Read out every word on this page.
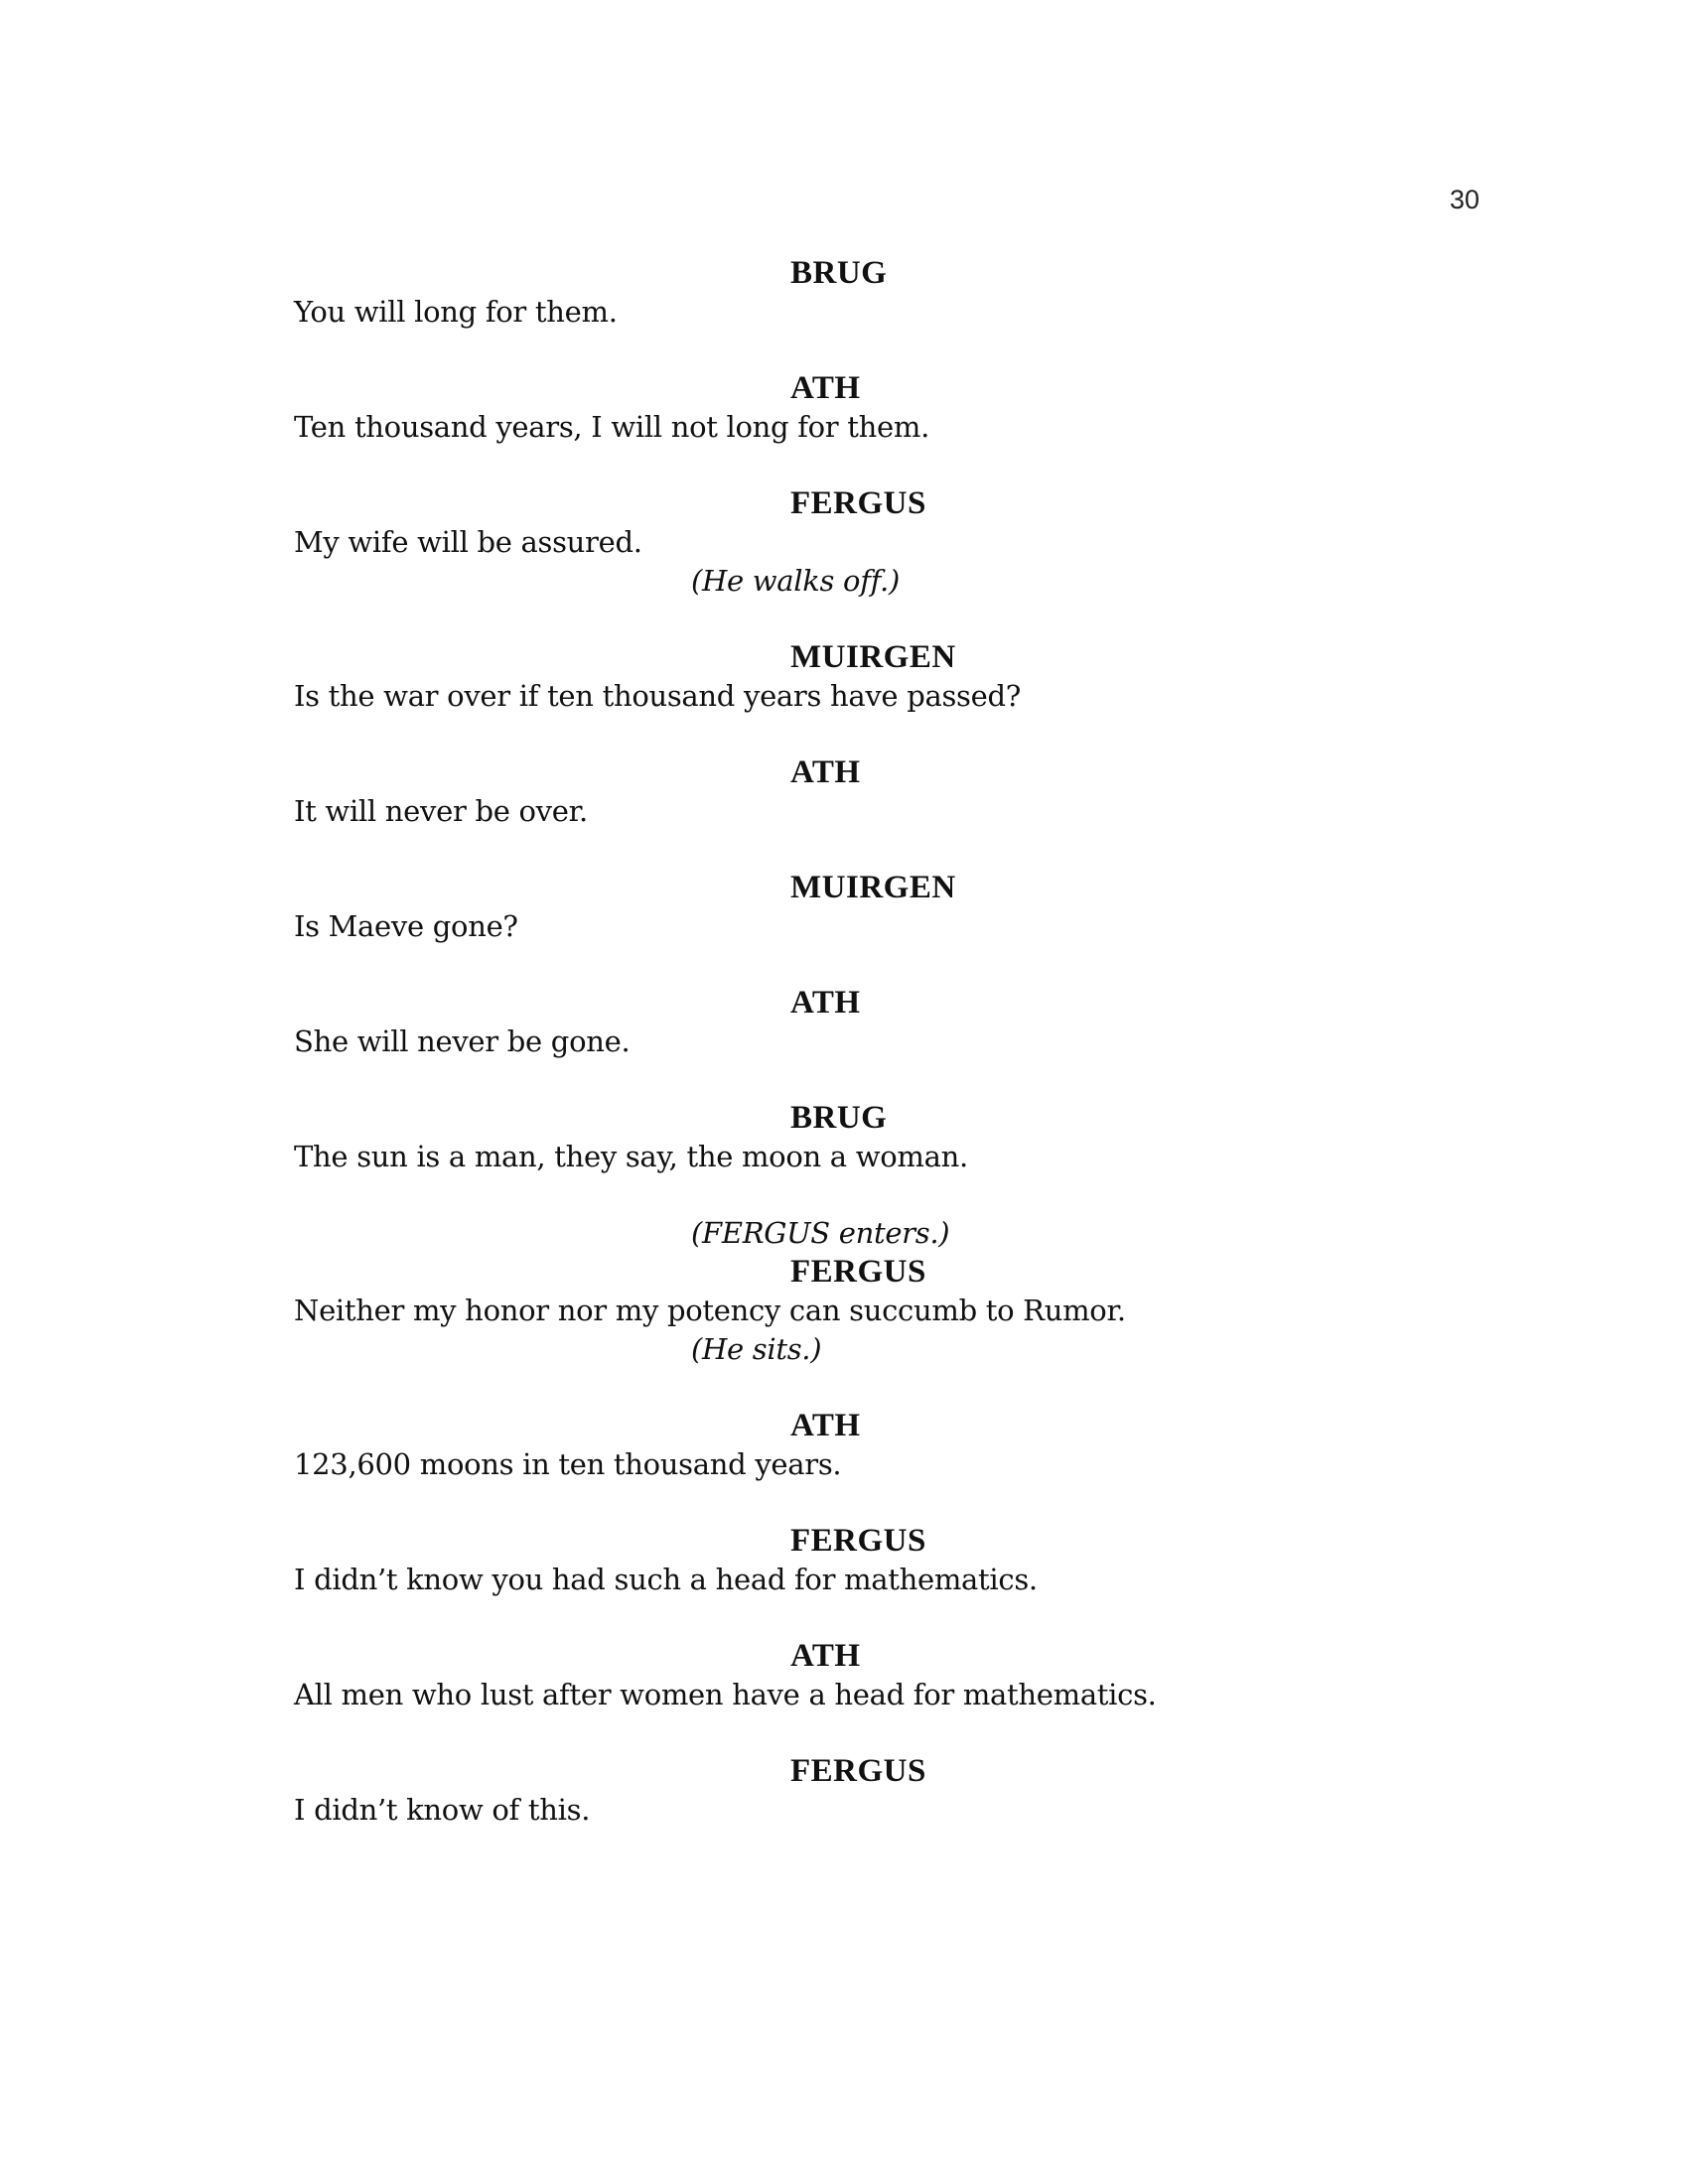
30
BRUG
You will long for them.
ATH
Ten thousand years, I will not long for them.
FERGUS
My wife will be assured.
(He walks off.)
MUIRGEN
Is the war over if ten thousand years have passed?
ATH
It will never be over.
MUIRGEN
Is Maeve gone?
ATH
She will never be gone.
BRUG
The sun is a man, they say, the moon a woman.
(FERGUS enters.)
FERGUS
Neither my honor nor my potency can succumb to Rumor.
(He sits.)
ATH
123,600 moons in ten thousand years.
FERGUS
I didn’t know you had such a head for mathematics.
ATH
All men who lust after women have a head for mathematics.
FERGUS
I didn’t know of this.
